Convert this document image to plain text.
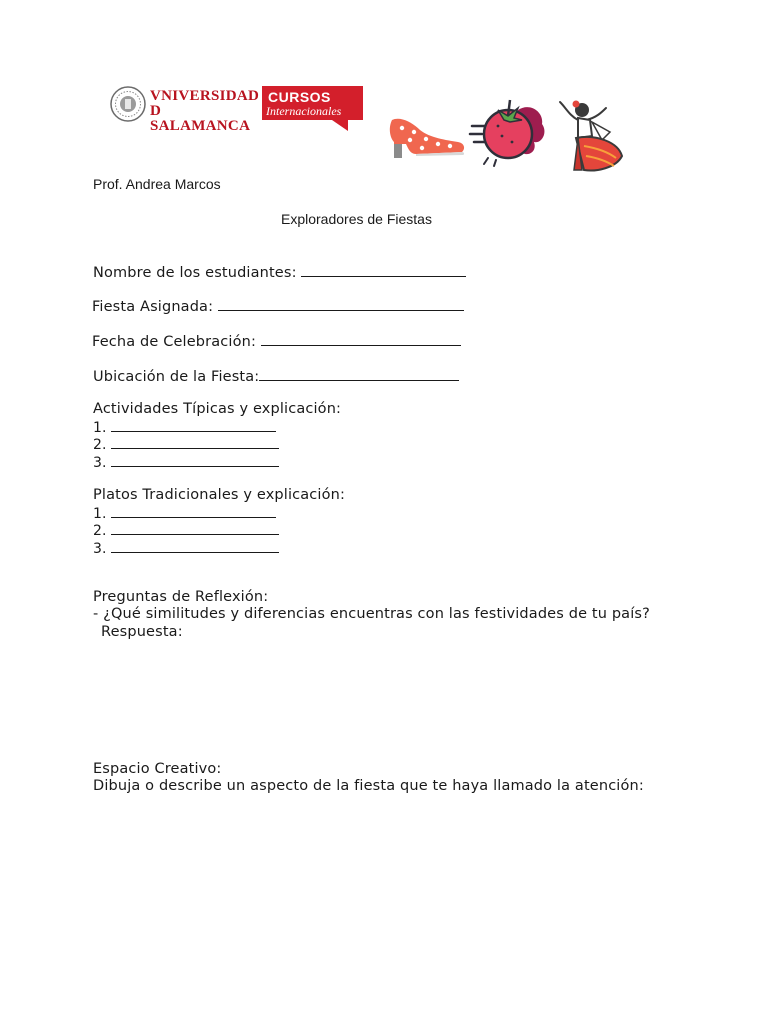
VNIVERSIDAD
D SALAMANCA
CURSOS
Internacionales
Prof. Andrea Marcos
Exploradores de Fiestas
Nombre de los estudiantes:
Fiesta Asignada:
Fecha de Celebración:
Ubicación de la Fiesta:
Actividades Típicas y explicación:
1.
2.
3.
Platos Tradicionales y explicación:
1.
2.
3.
Preguntas de Reflexión:
- ¿Qué similitudes y diferencias encuentras con las festividades de tu país?
Respuesta:
Espacio Creativo:
Dibuja o describe un aspecto de la fiesta que te haya llamado la atención:
